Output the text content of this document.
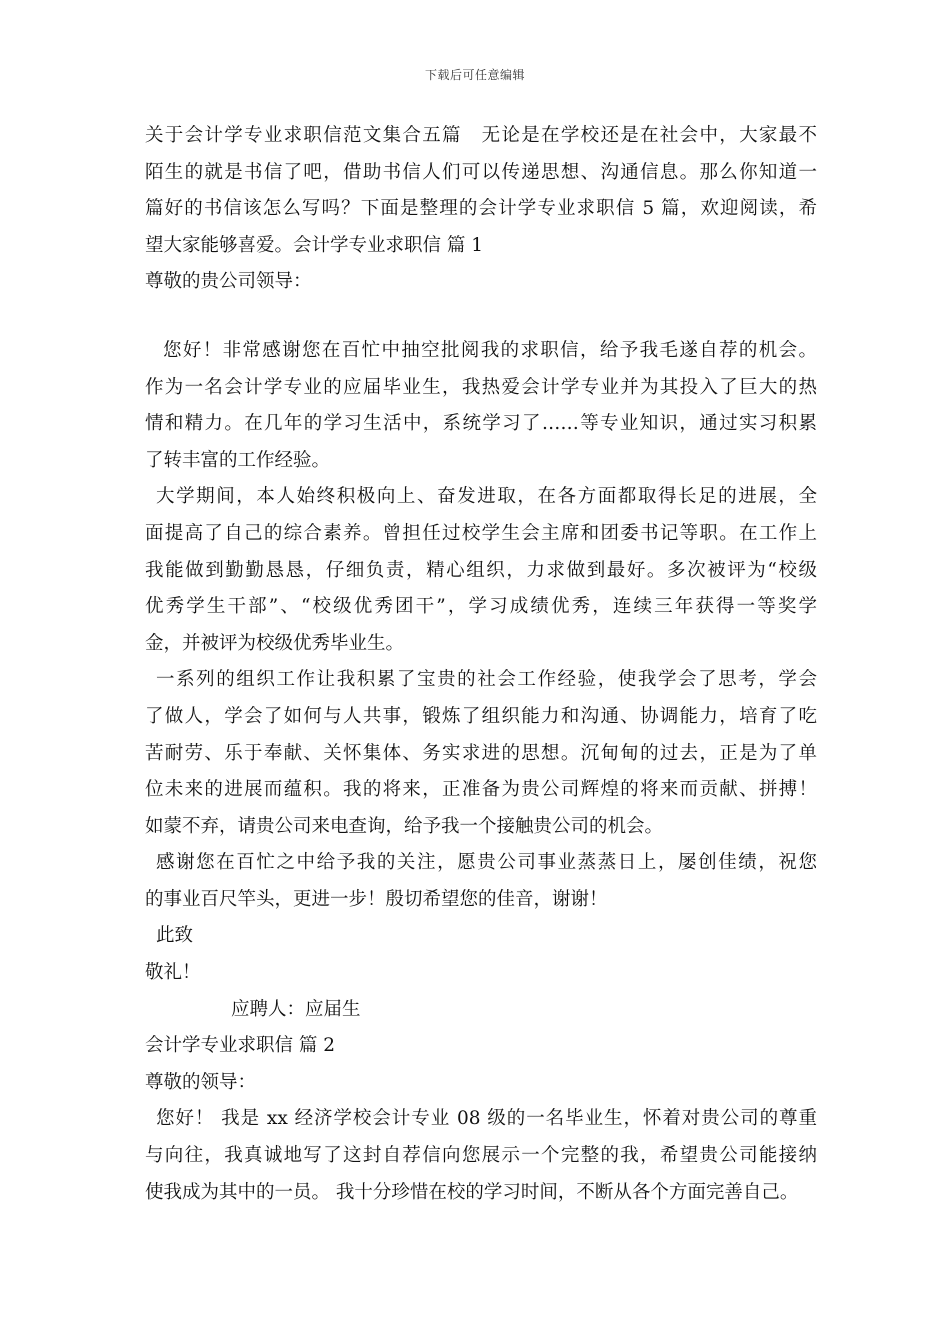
下载后可任意编辑
关于会计学专业求职信范文集合五篇　无论是在学校还是在社会中，大家最不
陌生的就是书信了吧，借助书信人们可以传递思想、沟通信息。那么你知道一
篇好的书信该怎么写吗？下面是整理的会计学专业求职信 5 篇，欢迎阅读，希
望大家能够喜爱。会计学专业求职信 篇 1
尊敬的贵公司领导：
您好！非常感谢您在百忙中抽空批阅我的求职信，给予我毛遂自荐的机会。
作为一名会计学专业的应届毕业生，我热爱会计学专业并为其投入了巨大的热
情和精力。在几年的学习生活中，系统学习了……等专业知识，通过实习积累
了转丰富的工作经验。
大学期间，本人始终积极向上、奋发进取，在各方面都取得长足的进展，全
面提高了自己的综合素养。曾担任过校学生会主席和团委书记等职。在工作上
我能做到勤勤恳恳，仔细负责，精心组织，力求做到最好。多次被评为“校级
优秀学生干部”、“校级优秀团干”，学习成绩优秀，连续三年获得一等奖学
金，并被评为校级优秀毕业生。
一系列的组织工作让我积累了宝贵的社会工作经验，使我学会了思考，学会
了做人，学会了如何与人共事，锻炼了组织能力和沟通、协调能力，培育了吃
苦耐劳、乐于奉献、关怀集体、务实求进的思想。沉甸甸的过去，正是为了单
位未来的进展而蕴积。我的将来，正准备为贵公司辉煌的将来而贡献、拼搏！
如蒙不弃，请贵公司来电查询，给予我一个接触贵公司的机会。
感谢您在百忙之中给予我的关注，愿贵公司事业蒸蒸日上，屡创佳绩，祝您
的事业百尺竿头，更进一步！殷切希望您的佳音，谢谢！
此致
敬礼！
应聘人：应届生
会计学专业求职信 篇 2
尊敬的领导：
您好！ 我是 xx 经济学校会计专业 08 级的一名毕业生，怀着对贵公司的尊重
与向往，我真诚地写了这封自荐信向您展示一个完整的我，希望贵公司能接纳
使我成为其中的一员。 我十分珍惜在校的学习时间，不断从各个方面完善自己。
